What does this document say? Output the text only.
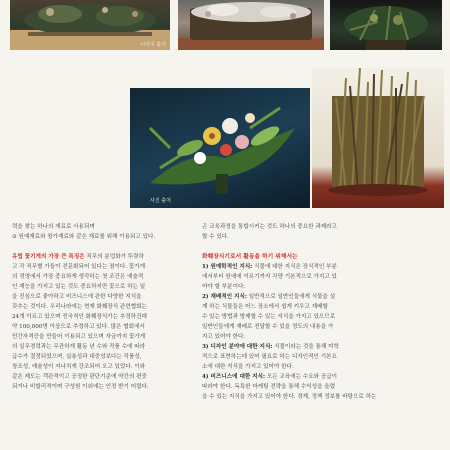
이미지 출처
사진 출처
력을 찾는 하나의 재료로 사용되며
⊙ 원예재료와 창가재료와 같은 재료를 위해 이용되고 있다.
유럽 꽃기게의 가장 큰 특징은 직무의 분업화가 뚜렷하
고 각 직무별 가들이 전문화되어 있다는 점이다. 꽃가게
의 경영에서 가장 중요하게 생각하는 첫 조건은 예술적
인 재능을 가지고 있는 것도 중요하지만 꽃으로 하는 일
을 진심으로 좋아하고 비즈니스에 관한 다양한 지식을
갖추는 것이다. 우리나라에는 현재 화훼장식 관련협회는
24개 이르고 있으며 전국적인 화훼장식가는 추정하건데
약 100,000명 이상으로 추정하고 있다. 많은 협회에서
민간자격증을 만들어 이용되고 있으며 자금까지 꽃가게
의 실무경력과는 무관하게 활동 년 수와 작품 수에 따라
급수가 결정되었으며, 실용성과 대중성보다는 작품성,
창조성, 예술성이 지나치게 강조되어 오고 있었다. 이와
같은 제도는 객관적이고 공정한 판단기준에 약간의 편중
되거나 비합리적이며 구성원 이외에는 인정 받기 어렵다.
곤 교육과정을 통합시키는 것도 하나의 중요한 과제라고
할 수 있다.
화훼장식기로서 활동을 하기 위해서는
1) 원예학적인 지식: 식물에 대한 지식은 장식적인 부분
에서부터 원예에 이르기까지 각양 기본적으로 가지고 있
어야 할 부분이다.
2) 재배적인 지식: 일반적으로 일반인들에게 식물을 설
계 하는 식물들은 어느 장소에서 쉽게 키우고 재배할
수 있는 방법과 방제할 수 있는 지식을 가지고 있으므로
일반인들에게 재배로 전달할 수 있을 정도의 내용을 가
지고 있어야 한다.
3) 디자인 분야에 대한 지식: 식물이라는 것을 통해 미학
적으로 표현하는데 있어 필요로 하는 디자인적인 기본요
소에 대한 지식을 가지고 있어야 한다.
4) 비즈니스에 대한 지식: 모든 교육에는 수요와 공급이
따라야 한다. 독특한 마케팅 전략을 통해 수익성을 올렸
을 수 있는 지식을 가지고 있어야 한다. 경제, 정책 정보를 바탕으로 하는
